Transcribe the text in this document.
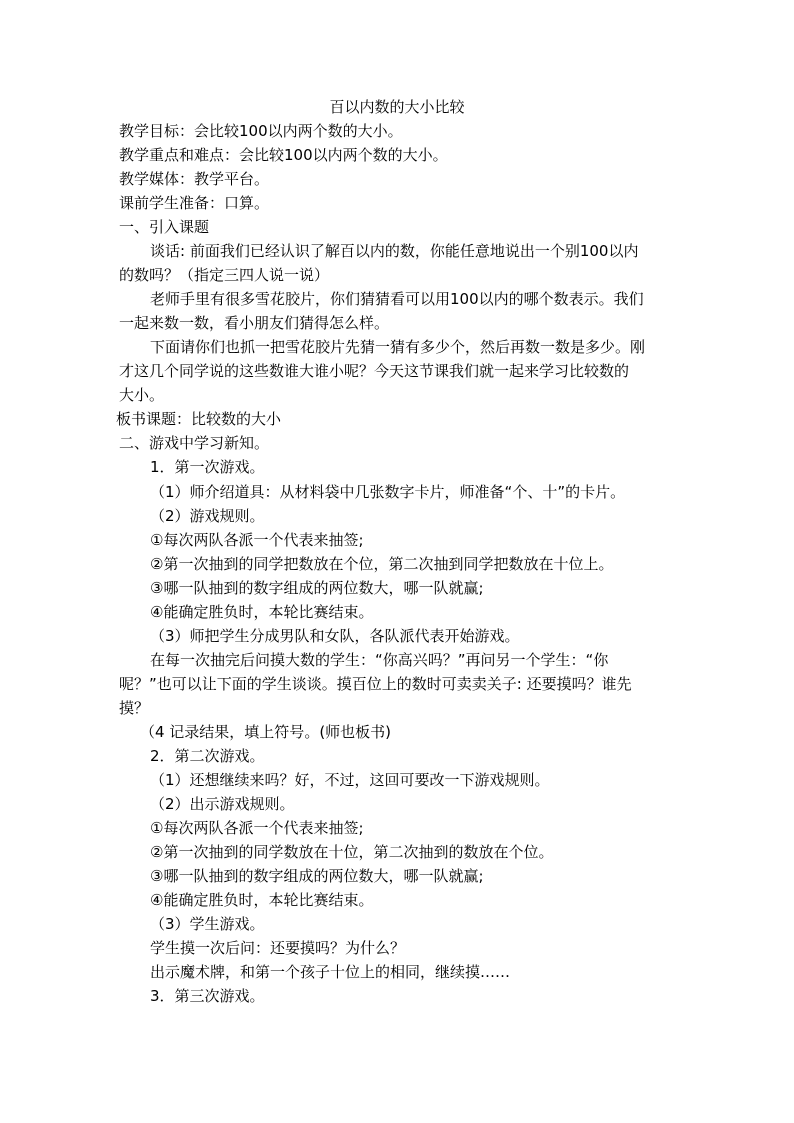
百以内数的大小比较
教学目标：会比较100以内两个数的大小。
教学重点和难点：会比较100以内两个数的大小。
教学媒体：教学平台。
课前学生准备：口算。
一、引入课题
谈话: 前面我们已经认识了解百以内的数，你能任意地说出一个别100以内
的数吗？（指定三四人说一说）
老师手里有很多雪花胶片，你们猜猜看可以用100以内的哪个数表示。我们
一起来数一数，看小朋友们猜得怎么样。
下面请你们也抓一把雪花胶片先猜一猜有多少个，然后再数一数是多少。刚
才这几个同学说的这些数谁大谁小呢？今天这节课我们就一起来学习比较数的
大小。
板书课题：比较数的大小
二、游戏中学习新知。
1．第一次游戏。
（1）师介绍道具：从材料袋中几张数字卡片，师准备“个、十”的卡片。
（2）游戏规则。
①每次两队各派一个代表来抽签;
②第一次抽到的同学把数放在个位，第二次抽到同学把数放在十位上。
③哪一队抽到的数字组成的两位数大，哪一队就赢;
④能确定胜负时，本轮比赛结束。
（3）师把学生分成男队和女队，各队派代表开始游戏。
在每一次抽完后问摸大数的学生：“你高兴吗？”再问另一个学生：“你
呢？”也可以让下面的学生谈谈。摸百位上的数时可卖卖关子: 还要摸吗？谁先
摸？
（4 记录结果，填上符号。(师也板书)
2．第二次游戏。
（1）还想继续来吗？好，不过，这回可要改一下游戏规则。
（2）出示游戏规则。
①每次两队各派一个代表来抽签;
②第一次抽到的同学数放在十位，第二次抽到的数放在个位。
③哪一队抽到的数字组成的两位数大，哪一队就赢;
④能确定胜负时，本轮比赛结束。
（3）学生游戏。
学生摸一次后问：还要摸吗？为什么？
出示魔术牌，和第一个孩子十位上的相同，继续摸……
3．第三次游戏。
